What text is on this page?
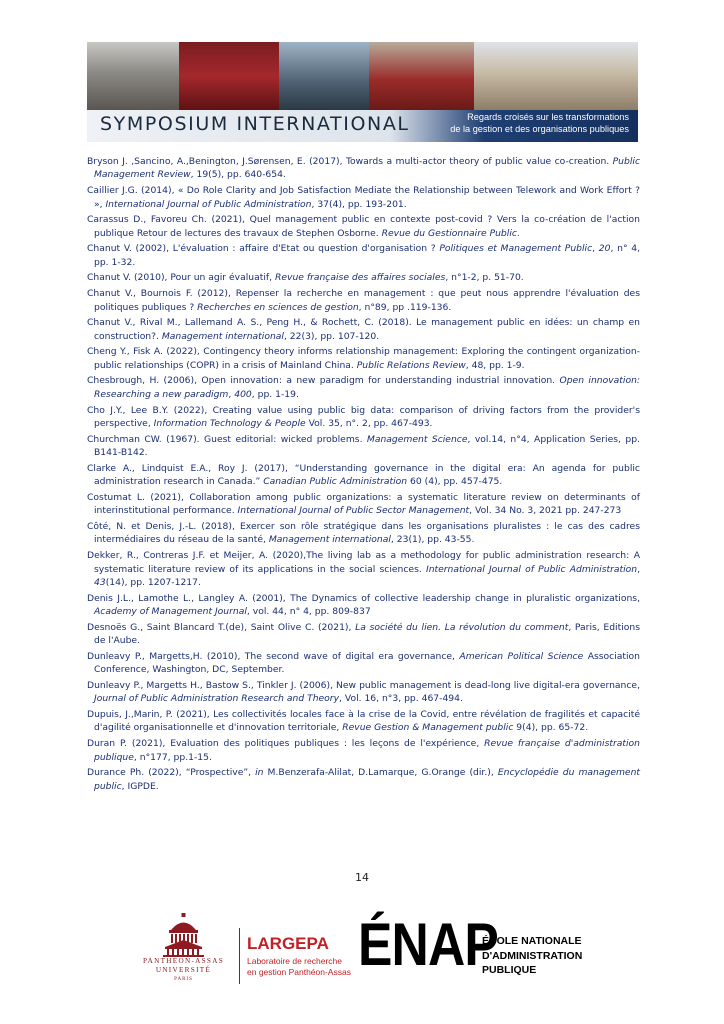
SYMPOSIUM INTERNATIONAL	Regards croisés sur les transformations
de la gestion et des organisations publiques
Bryson J. ,Sancino, A.,Benington, J.Sørensen, E. (2017), Towards a multi-actor theory of public value co-creation. Public Management Review, 19(5), pp. 640-654.
Caillier J.G. (2014), « Do Role Clarity and Job Satisfaction Mediate the Relationship between Telework and Work Effort ? », International Journal of Public Administration, 37(4), pp. 193-201.
Carassus D., Favoreu Ch. (2021), Quel management public en contexte post-covid ? Vers la co-création de l'action publique Retour de lectures des travaux de Stephen Osborne. Revue du Gestionnaire Public.
Chanut V. (2002), L'évaluation : affaire d'Etat ou question d'organisation ? Politiques et Management Public, 20, n° 4, pp. 1-32.
Chanut V. (2010), Pour un agir évaluatif, Revue française des affaires sociales, n°1-2, p. 51-70.
Chanut V., Bournois F. (2012), Repenser la recherche en management : que peut nous apprendre l'évaluation des politiques publiques ? Recherches en sciences de gestion, n°89, pp .119-136.
Chanut V., Rival M., Lallemand A. S., Peng H., & Rochett, C. (2018). Le management public en idées: un champ en construction?. Management international, 22(3), pp. 107-120.
Cheng Y., Fisk A. (2022), Contingency theory informs relationship management: Exploring the contingent organization-public relationships (COPR) in a crisis of Mainland China. Public Relations Review, 48, pp. 1-9.
Chesbrough, H. (2006), Open innovation: a new paradigm for understanding industrial innovation. Open innovation: Researching a new paradigm, 400, pp. 1-19.
Cho J.Y., Lee B.Y. (2022), Creating value using public big data: comparison of driving factors from the provider's perspective, Information Technology & People Vol. 35, n°. 2, pp. 467-493.
Churchman CW. (1967). Guest editorial: wicked problems. Management Science, vol.14, n°4, Application Series, pp. B141-B142.
Clarke A., Lindquist E.A., Roy J. (2017), “Understanding governance in the digital era: An agenda for public administration research in Canada.” Canadian Public Administration 60 (4), pp. 457-475.
Costumat L. (2021), Collaboration among public organizations: a systematic literature review on determinants of interinstitutional performance. International Journal of Public Sector Management, Vol. 34 No. 3, 2021 pp. 247-273
Côté, N. et Denis, J.-L. (2018), Exercer son rôle stratégique dans les organisations pluralistes : le cas des cadres intermédiaires du réseau de la santé, Management international, 23(1), pp. 43-55.
Dekker, R., Contreras J.F. et Meijer, A. (2020),The living lab as a methodology for public administration research: A systematic literature review of its applications in the social sciences. International Journal of Public Administration, 43(14), pp. 1207-1217.
Denis J.L., Lamothe L., Langley A. (2001), The Dynamics of collective leadership change in pluralistic organizations, Academy of Management Journal, vol. 44, n° 4, pp. 809-837
Desnoës G., Saint Blancard T.(de), Saint Olive C. (2021), La société du lien. La révolution du comment, Paris, Editions de l'Aube.
Dunleavy P., Margetts,H. (2010), The second wave of digital era governance, American Political Science Association Conference, Washington, DC, September.
Dunleavy P., Margetts H., Bastow S., Tinkler J. (2006), New public management is dead-long live digital-era governance, Journal of Public Administration Research and Theory, Vol. 16, n°3, pp. 467-494.
Dupuis, J.,Marin, P. (2021), Les collectivités locales face à la crise de la Covid, entre révélation de fragilités et capacité d'agilité organisationnelle et d'innovation territoriale, Revue Gestion & Management public 9(4), pp. 65-72.
Duran P. (2021), Evaluation des politiques publiques : les leçons de l'expérience, Revue française d'administration publique, n°177, pp.1-15.
Durance Ph. (2022), “Prospective”, in M.Benzerafa-Alilat, D.Lamarque, G.Orange (dir.), Encyclopédie du management public, IGPDE.
14
PANTHÉON-ASSAS
UNIVERSITÉ
PARIS
LARGEPA
Laboratoire de recherche
en gestion Panthéon-Assas ÉNAP
ÉCOLE NATIONALE
D'ADMINISTRATION
PUBLIQUE
